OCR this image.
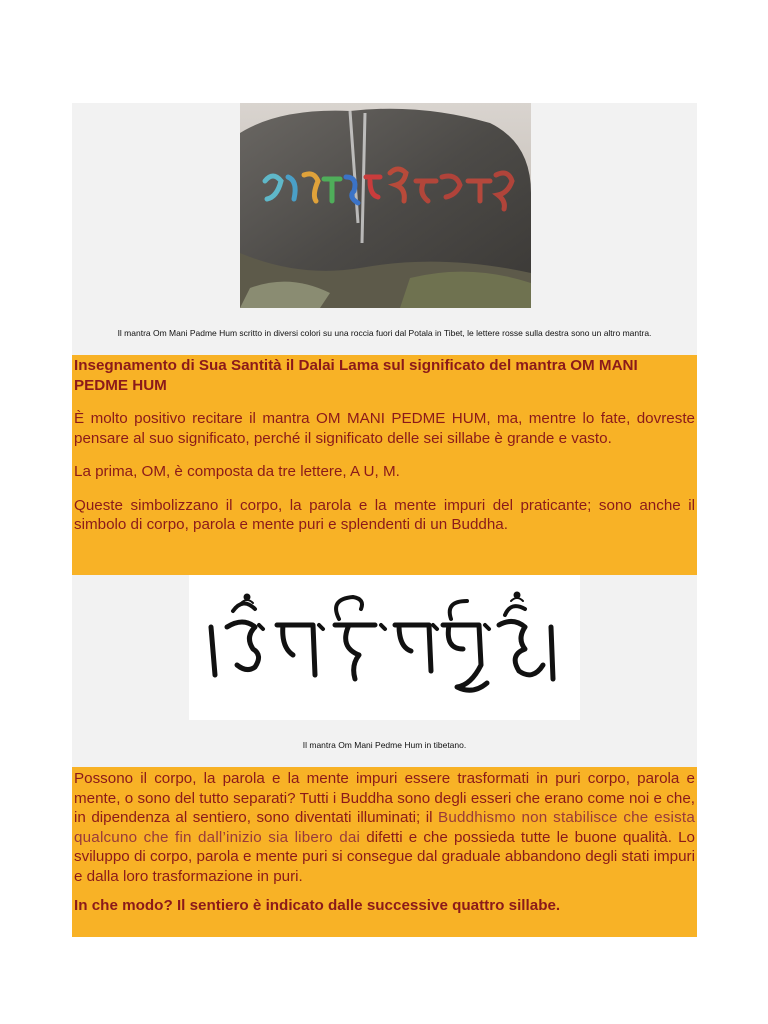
Il mantra Om Mani Padme Hum scritto in diversi colori su una roccia fuori dal Potala in Tibet, le lettere rosse sulla destra sono un altro mantra.

Insegnamento di Sua Santità il Dalai Lama sul significato del mantra OM MANI PEDME HUM

È molto positivo recitare il mantra OM MANI PEDME HUM, ma, mentre lo fate, dovreste pensare al suo significato, perché il significato delle sei sillabe è grande e vasto.

La prima, OM, è composta da tre lettere, A U, M.

Queste simbolizzano il corpo, la parola e la mente impuri del praticante; sono anche il simbolo di corpo, parola e mente puri e splendenti di un Buddha.

Il mantra Om Mani Pedme Hum in tibetano.

Possono il corpo, la parola e la mente impuri essere trasformati in puri corpo, parola e mente, o sono del tutto separati? Tutti i Buddha sono degli esseri che erano come noi e che, in dipendenza al sentiero, sono diventati illuminati; il Buddhismo non stabilisce che esista qualcuno che fin dall’inizio sia libero dai difetti e che possieda tutte le buone qualità. Lo sviluppo di corpo, parola e mente puri si consegue dal graduale abbandono degli stati impuri e dalla loro trasformazione in puri.

In che modo? Il sentiero è indicato dalle successive quattro sillabe.
